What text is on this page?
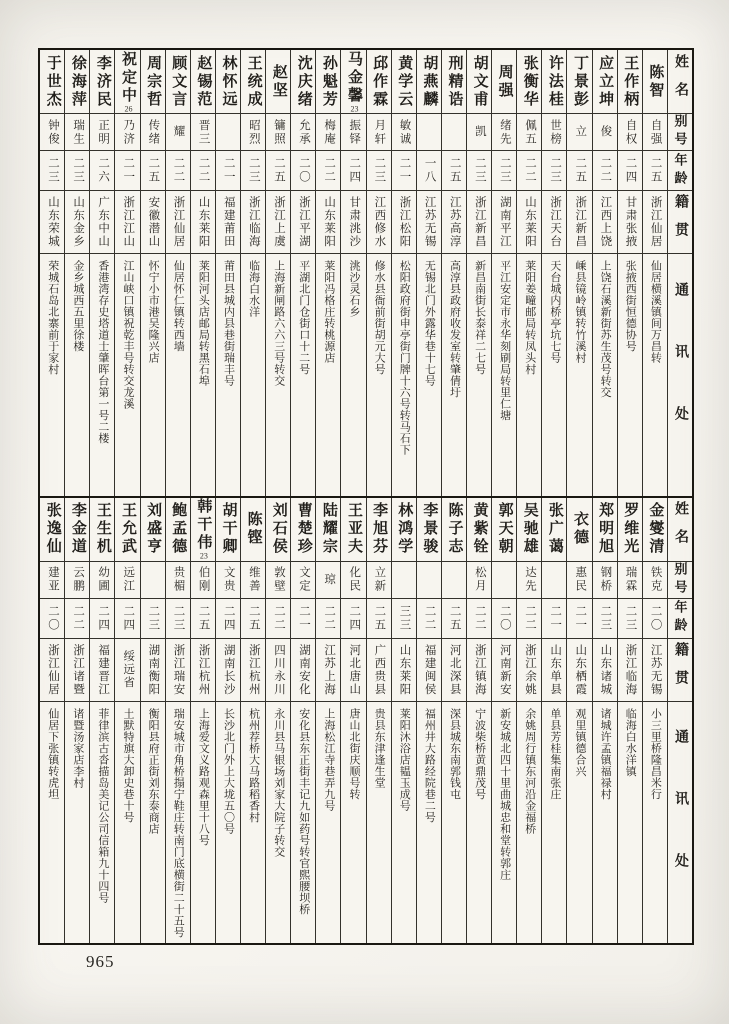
姓名
别号
年龄
籍贯
通讯处
陈智
自强
二五
浙江仙居
仙居横溪镇间万昌转
王作柄
自权
二四
甘肃张掖
张掖西街恒德协号
应立坤
俊
二二
江西上饶
上饶石溪新街苏生茂号转交
丁景彭
立
二五
浙江新昌
嵊县镜岭镇转竹溪村
许法桂
世榜
二三
浙江天台
天台城内桥亭坑七号
张衡华
佩五
二二
山东莱阳
莱阳姜疃邮局转凤头村
周强
绪先
二三
湖南平江
平江安定市永华刻刷局转里仁塘
胡文甫
凯
二三
浙江新昌
新昌南街长泰祥二七号
刑精诰
二五
江苏高淳
高淳县政府收发室转肇倩圩
胡燕麟
一八
江苏无锡
无锡北门外露华巷十七号
黄学云
敏诚
二一
浙江松阳
松阳政府街申亭街门牌十六号转马石下
邱作霖
月轩
二三
江西修水
修水县衙前街胡元大号
马金馨23
振铎
二四
甘肃洮沙
洮沙灵石乡
孙魁芳
梅庵
二二
山东莱阳
莱阳冯格庄转桃源店
沈庆绪
允承
二〇
浙江平湖
平湖北门仓街口十二号
赵坚
镛照
二五
浙江上虞
上海新闸路六六三号转交
王统成
昭烈
二三
浙江临海
临海白水洋
林怀远
二一
福建莆田
莆田县城内县巷街瑞丰号
赵锡范
晋三
二二
山东莱阳
莱阳河头店邮局转黑石埠
顾文言
耀
二二
浙江仙居
仙居怀仁镇转西墙
周宗哲
传绪
二五
安徽潜山
怀宁小市港吴隆兴店
祝定中26
乃济
二一
浙江江山
江山峡口镇祝乾丰号转交龙溪
李济民
正明
二六
广东中山
香港湾存史塔道士肇晖台第一号二楼
徐海萍
瑞生
二三
山东金乡
金乡城西五里徐楼
于世杰
钟俊
二三
山东荣城
荣城石岛北寨前于家村
姓名
别号
年龄
籍贯
通讯处
金燮清
铁克
二〇
江苏无锡
小三里桥隆昌米行
罗维光
瑞霖
二三
浙江临海
临海白水洋镇
郑明旭
钢桥
二三
山东诸城
诸城许孟镇福禄村
衣德
惠民
二一
山东栖霞
观里镇德合兴
张广蔼
二一
山东单县
单县芳桂集南张庄
吴驰雄
达先
二二
浙江余姚
余姚周行镇东河沿金福桥
郭天朝
二〇
河南新安
新安城北四十里曲城忠和堂转郭庄
黄紫铨
松月
二二
浙江镇海
宁波柴桥黄鼎茂号
陈子志
二五
河北深县
深县城东南郭钱屯
李景骏
二二
福建闽侯
福州井大路经院巷二号
林鸿学
三三
山东莱阳
莱阳沐浴店韫玉成号
李旭芬
立新
二五
广西贵县
贵县东津逢生堂
王亚夫
化民
二四
河北唐山
唐山北街庆顺号转
陆耀宗
琼
二二
江苏上海
上海松江寺巷弄九号
曹楚珍
文定
二一
湖南安化
安化县东正街丰记九如药号转官熙腰坝桥
刘石侯
敦壁
二二
四川永川
永川县马银场刘家大院子转交
陈铿
维善
二五
浙江杭州
杭州荐桥大马路稻香村
胡干卿
文贵
二四
湖南长沙
长沙北门外上大垅五〇号
韩干伟23
伯刚
二五
浙江杭州
上海爱文义路观森里十八号
鲍孟德
贵楣
二三
浙江瑞安
瑞安城市角桥搨宁鞋庄转南门底横街二十五号
刘盛亨
二三
湖南衡阳
衡阳县府正街刘东泰商店
王允武
远江
二四
绥远省
土默特旗大卸史巷十号
王生机
幼圃
二四
福建晋江
菲律滨古沓描岛美记公司信箱九十四号
李金道
云鹏
二二
浙江诸暨
诸暨汤家店李村
张逸仙
建亚
二〇
浙江仙居
仙居下张镇转虎坦
965
